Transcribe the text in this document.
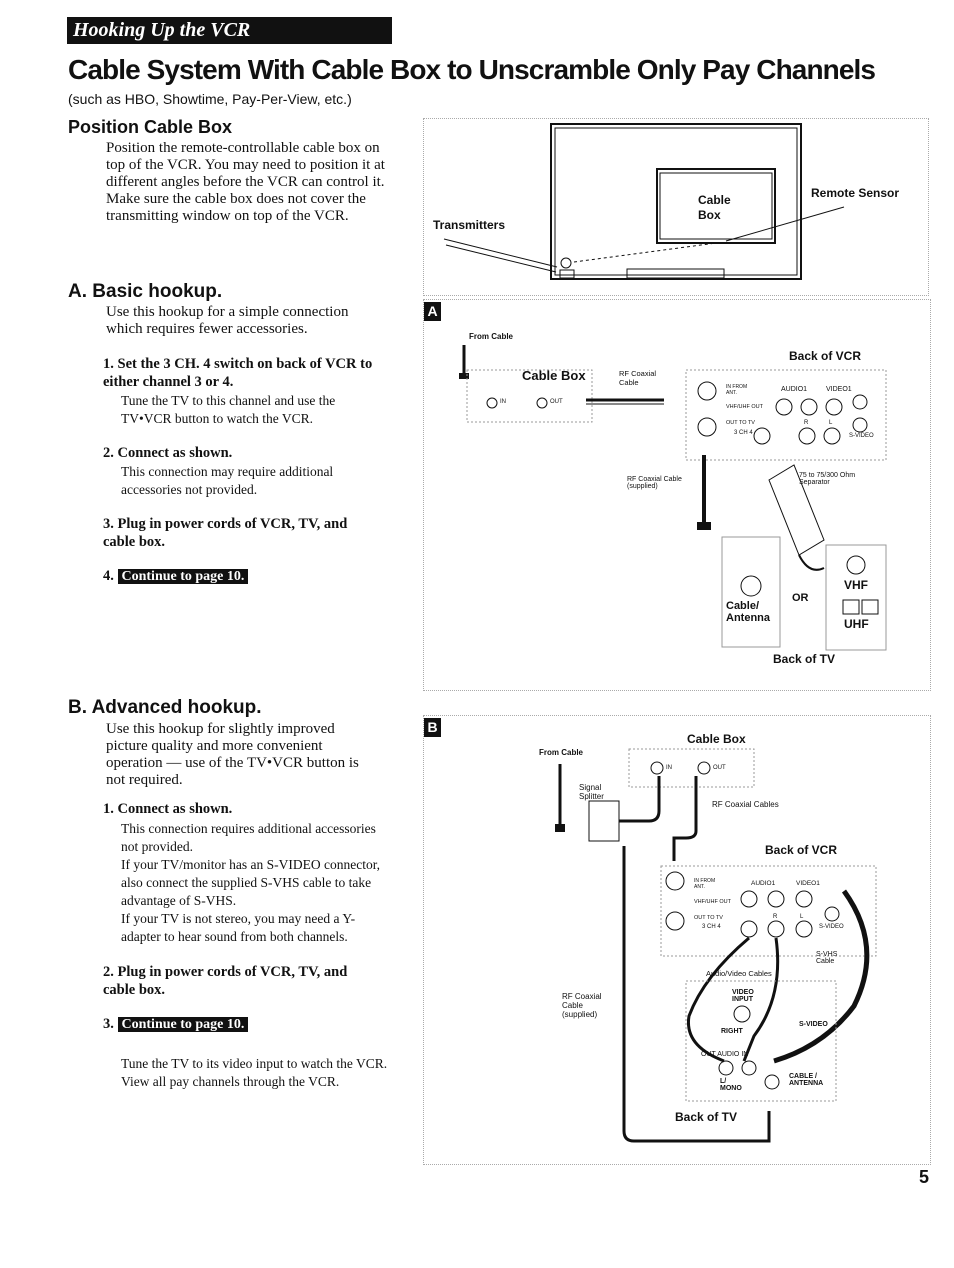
Hooking Up the VCR
Cable System With Cable Box to Unscramble Only Pay Channels
(such as HBO, Showtime, Pay-Per-View, etc.)
Position Cable Box
Position the remote-controllable cable box on top of the VCR. You may need to position it at different angles before the VCR can control it. Make sure the cable box does not cover the transmitting window on top of the VCR.
A. Basic hookup.
Use this hookup for a simple connection which requires fewer accessories.
1. Set the 3 CH. 4 switch on back of VCR to either channel 3 or 4.
Tune the TV to this channel and use the TV•VCR button to watch the VCR.
2. Connect as shown.
This connection may require additional accessories not provided.
3. Plug in power cords of VCR, TV, and cable box.
4. Continue to page 10.
B. Advanced hookup.
Use this hookup for slightly improved picture quality and more convenient operation — use of the TV•VCR button is not required.
1. Connect as shown.
This connection requires additional accessories not provided.
If your TV/monitor has an S-VIDEO connector, also connect the supplied S-VHS cable to take advantage of S-VHS.
If your TV is not stereo, you may need a Y-adapter to hear sound from both channels.
2. Plug in power cords of VCR, TV, and cable box.
3. Continue to page 10.
Tune the TV to its video input to watch the VCR. View all pay channels through the VCR.
Transmitters
Cable Box
Remote Sensor
A
From Cable
Cable Box	RF Coaxial Cable
IN	OUT
Back of VCR
IN FROM ANT.	AUDIO1	VIDEO1
VHF/UHF OUT
OUT TO TV
3 CH 4
R	L
S-VIDEO
RF Coaxial Cable (supplied)
75 to 75/300 Ohm Separator
Cable/ Antenna
OR
VHF
UHF
Back of TV
B
Cable Box
From Cable
Signal Splitter
IN	OUT
RF Coaxial Cables
Back of VCR
IN FROM ANT.	AUDIO1	VIDEO1
VHF/UHF OUT
OUT TO TV
3 CH 4
R	L
S-VIDEO
S-VHS Cable
Audio/Video Cables
RF Coaxial Cable (supplied)
VIDEO INPUT
RIGHT
OUT AUDIO IN
L/ MONO
CABLE / ANTENNA
S-VIDEO
Back of TV
5
